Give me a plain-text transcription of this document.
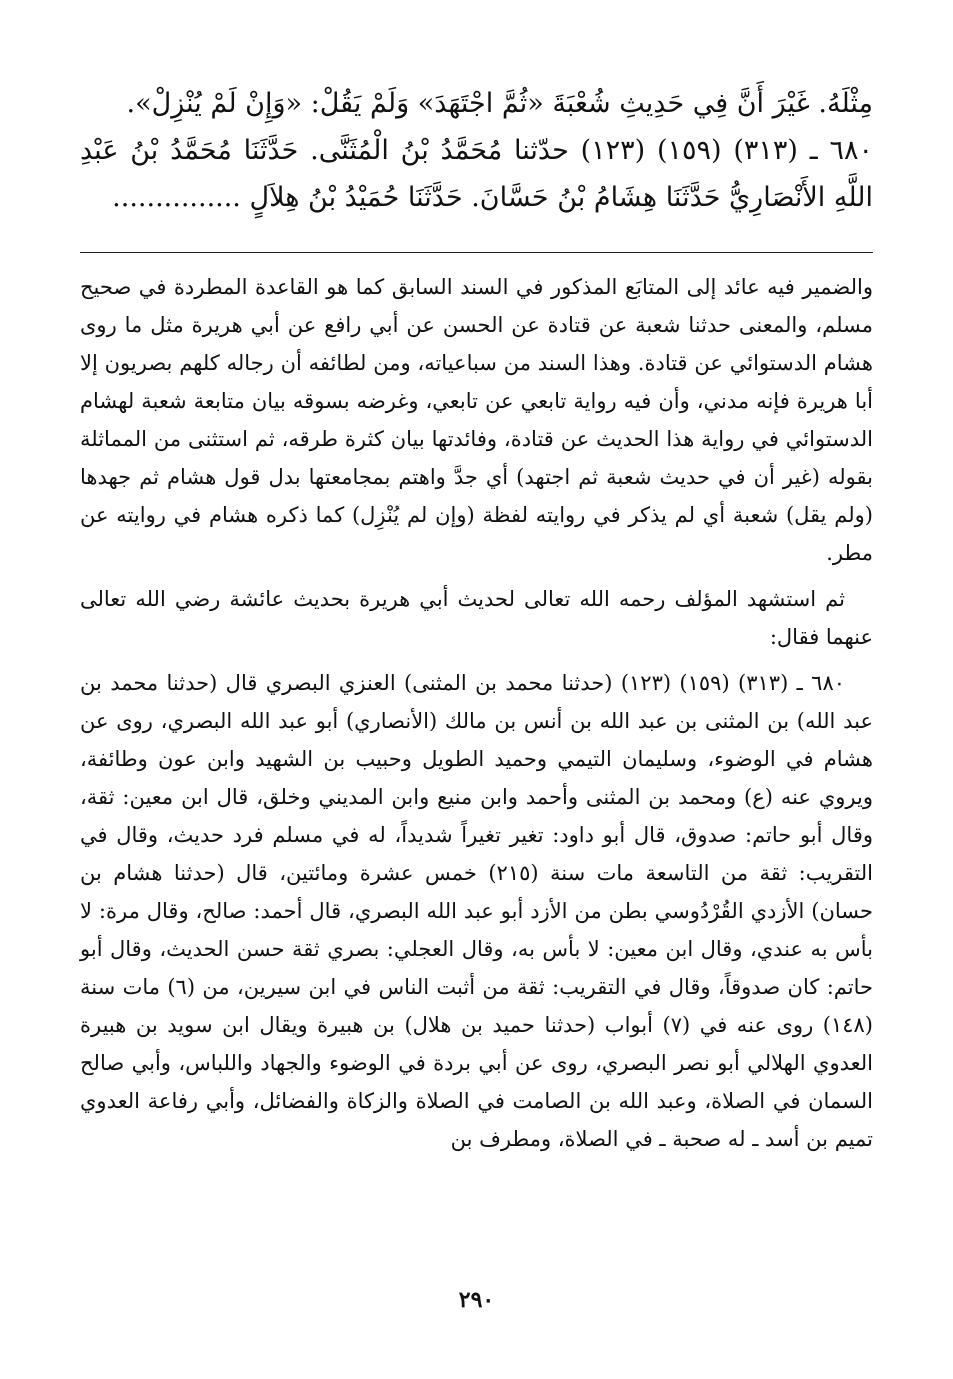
مِثْلَهُ. غَيْرَ أَنَّ فِي حَدِيثِ شُعْبَةَ «ثُمَّ اجْتَهَدَ» وَلَمْ يَقُلْ: «وَإِنْ لَمْ يُنْزِلْ».

٦٨٠ ـ (٣١٣) (١٥٩) (١٢٣) حدّثنا مُحَمَّدُ بْنُ الْمُثَنَّى. حَدَّثَنَا مُحَمَّدُ بْنُ عَبْدِ اللَّهِ الأَنْصَارِيُّ حَدَّثَنَا هِشَامُ بْنُ حَسَّانَ. حَدَّثَنَا حُمَيْدُ بْنُ هِلاَلٍ ...............

والضمير فيه عائد إلى المتابَع المذكور في السند السابق كما هو القاعدة المطردة في صحيح مسلم، والمعنى حدثنا شعبة عن قتادة عن الحسن عن أبي رافع عن أبي هريرة مثل ما روى هشام الدستوائي عن قتادة. وهذا السند من سباعياته، ومن لطائفه أن رجاله كلهم بصريون إلا أبا هريرة فإنه مدني، وأن فيه رواية تابعي عن تابعي، وغرضه بسوقه بيان متابعة شعبة لهشام الدستوائي في رواية هذا الحديث عن قتادة، وفائدتها بيان كثرة طرقه، ثم استثنى من المماثلة بقوله (غير أن في حديث شعبة ثم اجتهد) أي جدَّ واهتم بمجامعتها بدل قول هشام ثم جهدها (ولم يقل) شعبة أي لم يذكر في روايته لفظة (وإن لم يُنْزِل) كما ذكره هشام في روايته عن مطر.

ثم استشهد المؤلف رحمه الله تعالى لحديث أبي هريرة بحديث عائشة رضي الله تعالى عنهما فقال:

٦٨٠ ـ (٣١٣) (١٥٩) (١٢٣) (حدثنا محمد بن المثنى) العنزي البصري قال (حدثنا محمد بن عبد الله) بن المثنى بن عبد الله بن أنس بن مالك (الأنصاري) أبو عبد الله البصري، روى عن هشام في الوضوء، وسليمان التيمي وحميد الطويل وحبيب بن الشهيد وابن عون وطائفة، ويروي عنه (ع) ومحمد بن المثنى وأحمد وابن منيع وابن المديني وخلق، قال ابن معين: ثقة، وقال أبو حاتم: صدوق، قال أبو داود: تغير تغيراً شديداً، له في مسلم فرد حديث، وقال في التقريب: ثقة من التاسعة مات سنة (٢١٥) خمس عشرة ومائتين، قال (حدثنا هشام بن حسان) الأزدي القُرْدُوسي بطن من الأزد أبو عبد الله البصري، قال أحمد: صالح، وقال مرة: لا بأس به عندي، وقال ابن معين: لا بأس به، وقال العجلي: بصري ثقة حسن الحديث، وقال أبو حاتم: كان صدوقاً، وقال في التقريب: ثقة من أثبت الناس في ابن سيرين، من (٦) مات سنة (١٤٨) روى عنه في (٧) أبواب (حدثنا حميد بن هلال) بن هبيرة ويقال ابن سويد بن هبيرة العدوي الهلالي أبو نصر البصري، روى عن أبي بردة في الوضوء والجهاد واللباس، وأبي صالح السمان في الصلاة، وعبد الله بن الصامت في الصلاة والزكاة والفضائل، وأبي رفاعة العدوي تميم بن أسد ـ له صحبة ـ في الصلاة، ومطرف بن

٢٩٠
